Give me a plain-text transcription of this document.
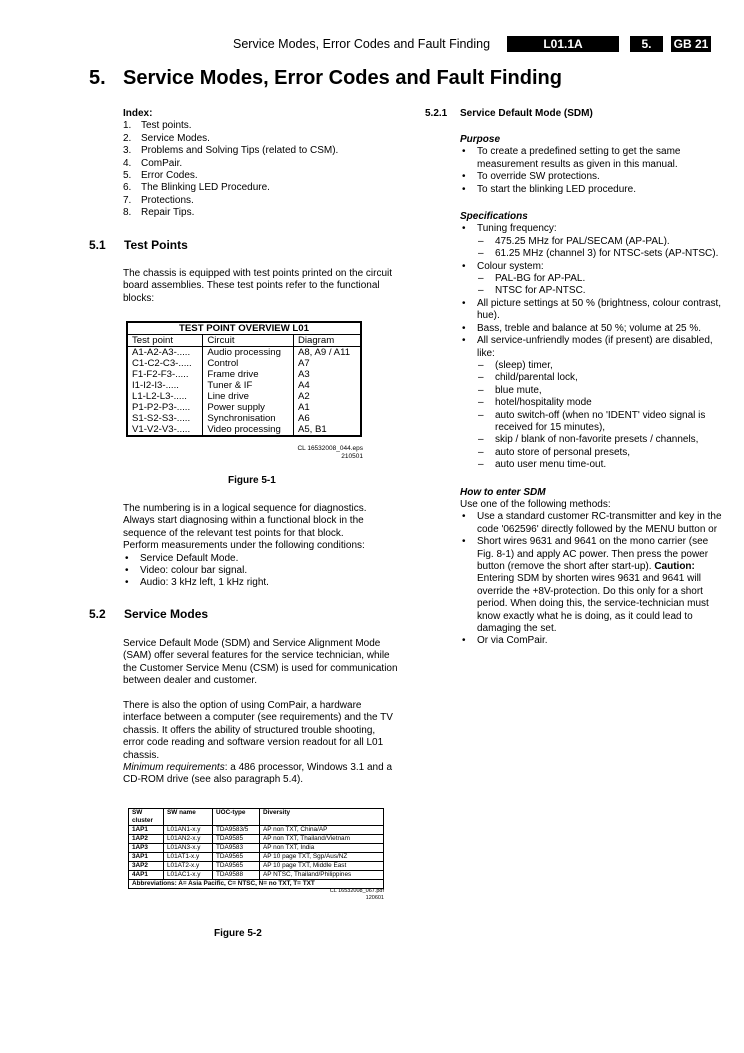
Service Modes, Error Codes and Fault Finding	L01.1A	5.	GB 21
5. Service Modes, Error Codes and Fault Finding

Index:

1. Test points.
2. Service Modes.
3. Problems and Solving Tips (related to CSM).
4. ComPair.
5. Error Codes.
6. The Blinking LED Procedure.
7. Protections.
8. Repair Tips.
5.1 Test Points

The chassis is equipped with test points printed on the circuit board assemblies. These test points refer to the functional blocks:

TEST POINT OVERVIEW L01		
Test point	Circuit	Diagram
A1-A2-A3-.....	Audio processing	A8, A9 / A11
C1-C2-C3-.....	Control	A7
F1-F2-F3-.....	Frame drive	A3
I1-I2-I3-.....	Tuner & IF	A4
L1-L2-L3-.....	Line drive	A2
P1-P2-P3-.....	Power supply	A1
S1-S2-S3-.....	Synchronisation	A6
V1-V2-V3-.....	Video processing	A5, B1
CL 16532008_044.eps
210501
Figure 5-1

The numbering is in a logical sequence for diagnostics. Always start diagnosing within a functional block in the sequence of the relevant test points for that block.

Perform measurements under the following conditions:

• Service Default Mode.
• Video: colour bar signal.
• Audio: 3 kHz left, 1 kHz right.
5.2 Service Modes

Service Default Mode (SDM) and Service Alignment Mode (SAM) offer several features for the service technician, while the Customer Service Menu (CSM) is used for communication between dealer and customer.

There is also the option of using ComPair, a hardware interface between a computer (see requirements) and the TV chassis. It offers the ability of structured trouble shooting, error code reading and software version readout for all L01 chassis.

Minimum requirements: a 486 processor, Windows 3.1 and a CD-ROM drive (see also paragraph 5.4).

SW cluster	SW name	UOC-type	Diversity
1AP1	L01AN1-x.y	TDA9583/5	AP non TXT, China/AP
1AP2	L01AN2-x.y	TDA9585	AP non TXT, Thailand/Vietnam
1AP3	L01AN3-x.y	TDA9583	AP non TXT, India
3AP1	L01AT1-x.y	TDA9565	AP 10 page TXT, Sgp/Aus/NZ
3AP2	L01AT2-x.y	TDA9565	AP 10 page TXT, Middle East
4AP1	L01AC1-x.y	TDA9588	AP NTSC, Thailand/Philippines
Abbreviations: A= Asia Pacific, C= NTSC, N= no TXT, T= TXT			
CL 16532008_067.pdf
120601
Figure 5-2
5.2.1 Service Default Mode (SDM)

Purpose

• To create a predefined setting to get the same measurement results as given in this manual.
• To override SW protections.
• To start the blinking LED procedure.

Specifications

• Tuning frequency:
– 475.25 MHz for PAL/SECAM (AP-PAL).
– 61.25 MHz (channel 3) for NTSC-sets (AP-NTSC).
• Colour system:
– PAL-BG for AP-PAL.
– NTSC for AP-NTSC.
• All picture settings at 50 % (brightness, colour contrast, hue).
• Bass, treble and balance at 50 %; volume at 25 %.
• All service-unfriendly modes (if present) are disabled, like:
– (sleep) timer,
– child/parental lock,
– blue mute,
– hotel/hospitality mode
– auto switch-off (when no 'IDENT' video signal is received for 15 minutes),
– skip / blank of non-favorite presets / channels,
– auto store of personal presets,
– auto user menu time-out.

How to enter SDM

Use one of the following methods:

• Use a standard customer RC-transmitter and key in the code '062596' directly followed by the MENU button or
• Short wires 9631 and 9641 on the mono carrier (see Fig. 8-1) and apply AC power. Then press the power button (remove the short after start-up). Caution: Entering SDM by shorten wires 9631 and 9641 will override the +8V-protection. Do this only for a short period. When doing this, the service-technician must know exactly what he is doing, as it could lead to damaging the set.
• Or via ComPair.
